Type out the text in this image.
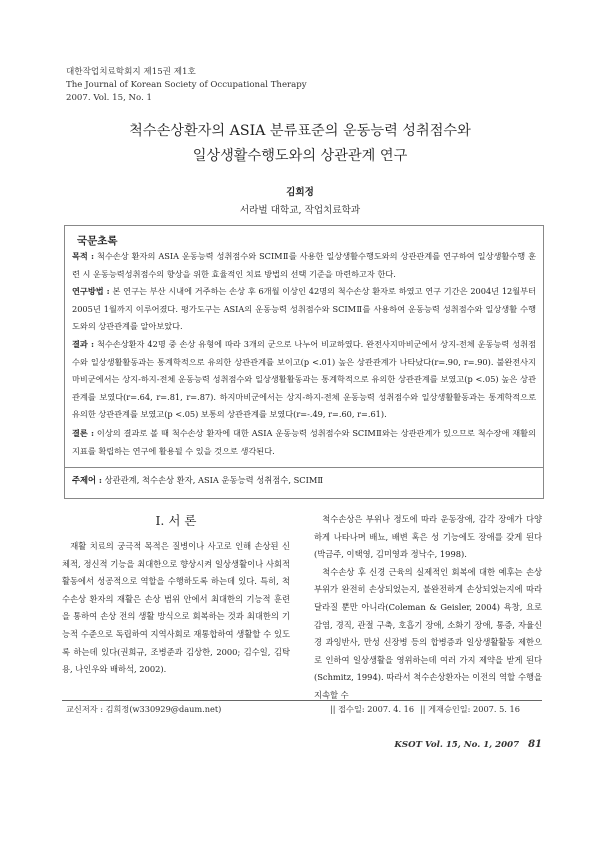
대한작업치료학회지 제15권 제1호
The Journal of Korean Society of Occupational Therapy
2007. Vol. 15, No. 1
척수손상환자의 ASIA 분류표준의 운동능력 성취점수와
일상생활수행도와의 상관관계 연구
김희정
서라벌 대학교, 작업치료학과
국문초록
목적 : 척수손상 환자의 ASIA 운동능력 성취점수와 SCIMⅡ를 사용한 일상생활수행도와의 상관관계를 연구하여 일상생활수행 훈련 시 운동능력성취점수의 향상을 위한 효율적인 치료 방법의 선택 기준을 마련하고자 한다.
연구방법 : 본 연구는 부산 시내에 거주하는 손상 후 6개월 이상인 42명의 척수손상 환자로 하였고 연구 기간은 2004년 12월부터 2005년 1월까지 이루어졌다. 평가도구는 ASIA의 운동능력 성취점수와 SCIMⅡ를 사용하여 운동능력 성취점수와 일상생활 수행도와의 상관관계를 알아보았다.
결과 : 척수손상환자 42명 중 손상 유형에 따라 3개의 군으로 나누어 비교하였다. 완전사지마비군에서 상지-전체 운동능력 성취점수와 일상생활활동과는 통계학적으로 유의한 상관관계를 보이고(p <.01) 높은 상관관계가 나타났다(r=.90, r=.90). 불완전사지마비군에서는 상지-하지-전체 운동능력 성취점수와 일상생활활동과는 통계학적으로 유의한 상관관계를 보였고(p <.05) 높은 상관관계를 보였다(r=.64, r=.81, r=.87). 하지마비군에서는 상지-하지-전체 운동능력 성취점수와 일상생활활동과는 통계학적으로 유의한 상관관계를 보였고(p <.05) 보통의 상관관계를 보였다(r=-.49, r=.60, r=.61).
결론 : 이상의 결과로 볼 때 척수손상 환자에 대한 ASIA 운동능력 성취점수와 SCIMⅡ와는 상관관계가 있으므로 척수장애 재활의 지표를 확립하는 연구에 활용될 수 있을 것으로 생각된다.
주제어 : 상관관계, 척수손상 환자, ASIA 운동능력 성취점수, SCIMⅡ
Ⅰ. 서 론
재활 치료의 궁극적 목적은 질병이나 사고로 인해 손상된 신체적, 정신적 기능을 최대한으로 향상시켜 일상생활이나 사회적 활동에서 성공적으로 역할을 수행하도록 하는데 있다. 특히, 척수손상 환자의 재활은 손상 범위 안에서 최대한의 기능적 훈련을 통하여 손상 전의 생활 방식으로 회복하는 것과 최대한의 기능적 수준으로 독립하여 지역사회로 재통합하여 생활할 수 있도록 하는데 있다(권희규, 조병준과 김상한, 2000; 김수일, 김탁용, 나인우와 배하석, 2002).

척수손상은 부위나 정도에 따라 운동장애, 감각 장애가 다양하게 나타나며 배뇨, 배변 혹은 성 기능에도 장애를 갖게 된다(박금주, 이택영, 김미영과 정낙수, 1998).

척수손상 후 신경 근육의 실제적인 회복에 대한 예후는 손상 부위가 완전히 손상되었는지, 불완전하게 손상되었는지에 따라 달라질 뿐만 아니라(Coleman & Geisler, 2004) 욕창, 요로 감염, 경직, 관절 구축, 호흡기 장애, 소화기 장애, 통증, 자율신경 과잉반사, 만성 신장병 등의 합병증과 일상생활활동 제한으로 인하여 일상생활을 영위하는데 여러 가지 제약을 받게 된다(Schmitz, 1994). 따라서 척수손상환자는 이전의 역할 수행을 지속할 수

교신저자 : 김희정(w330929@daum.net)	|| 접수일: 2007. 4. 16 || 게재승인일: 2007. 5. 16
KSOT Vol. 15, No. 1, 2007 81
